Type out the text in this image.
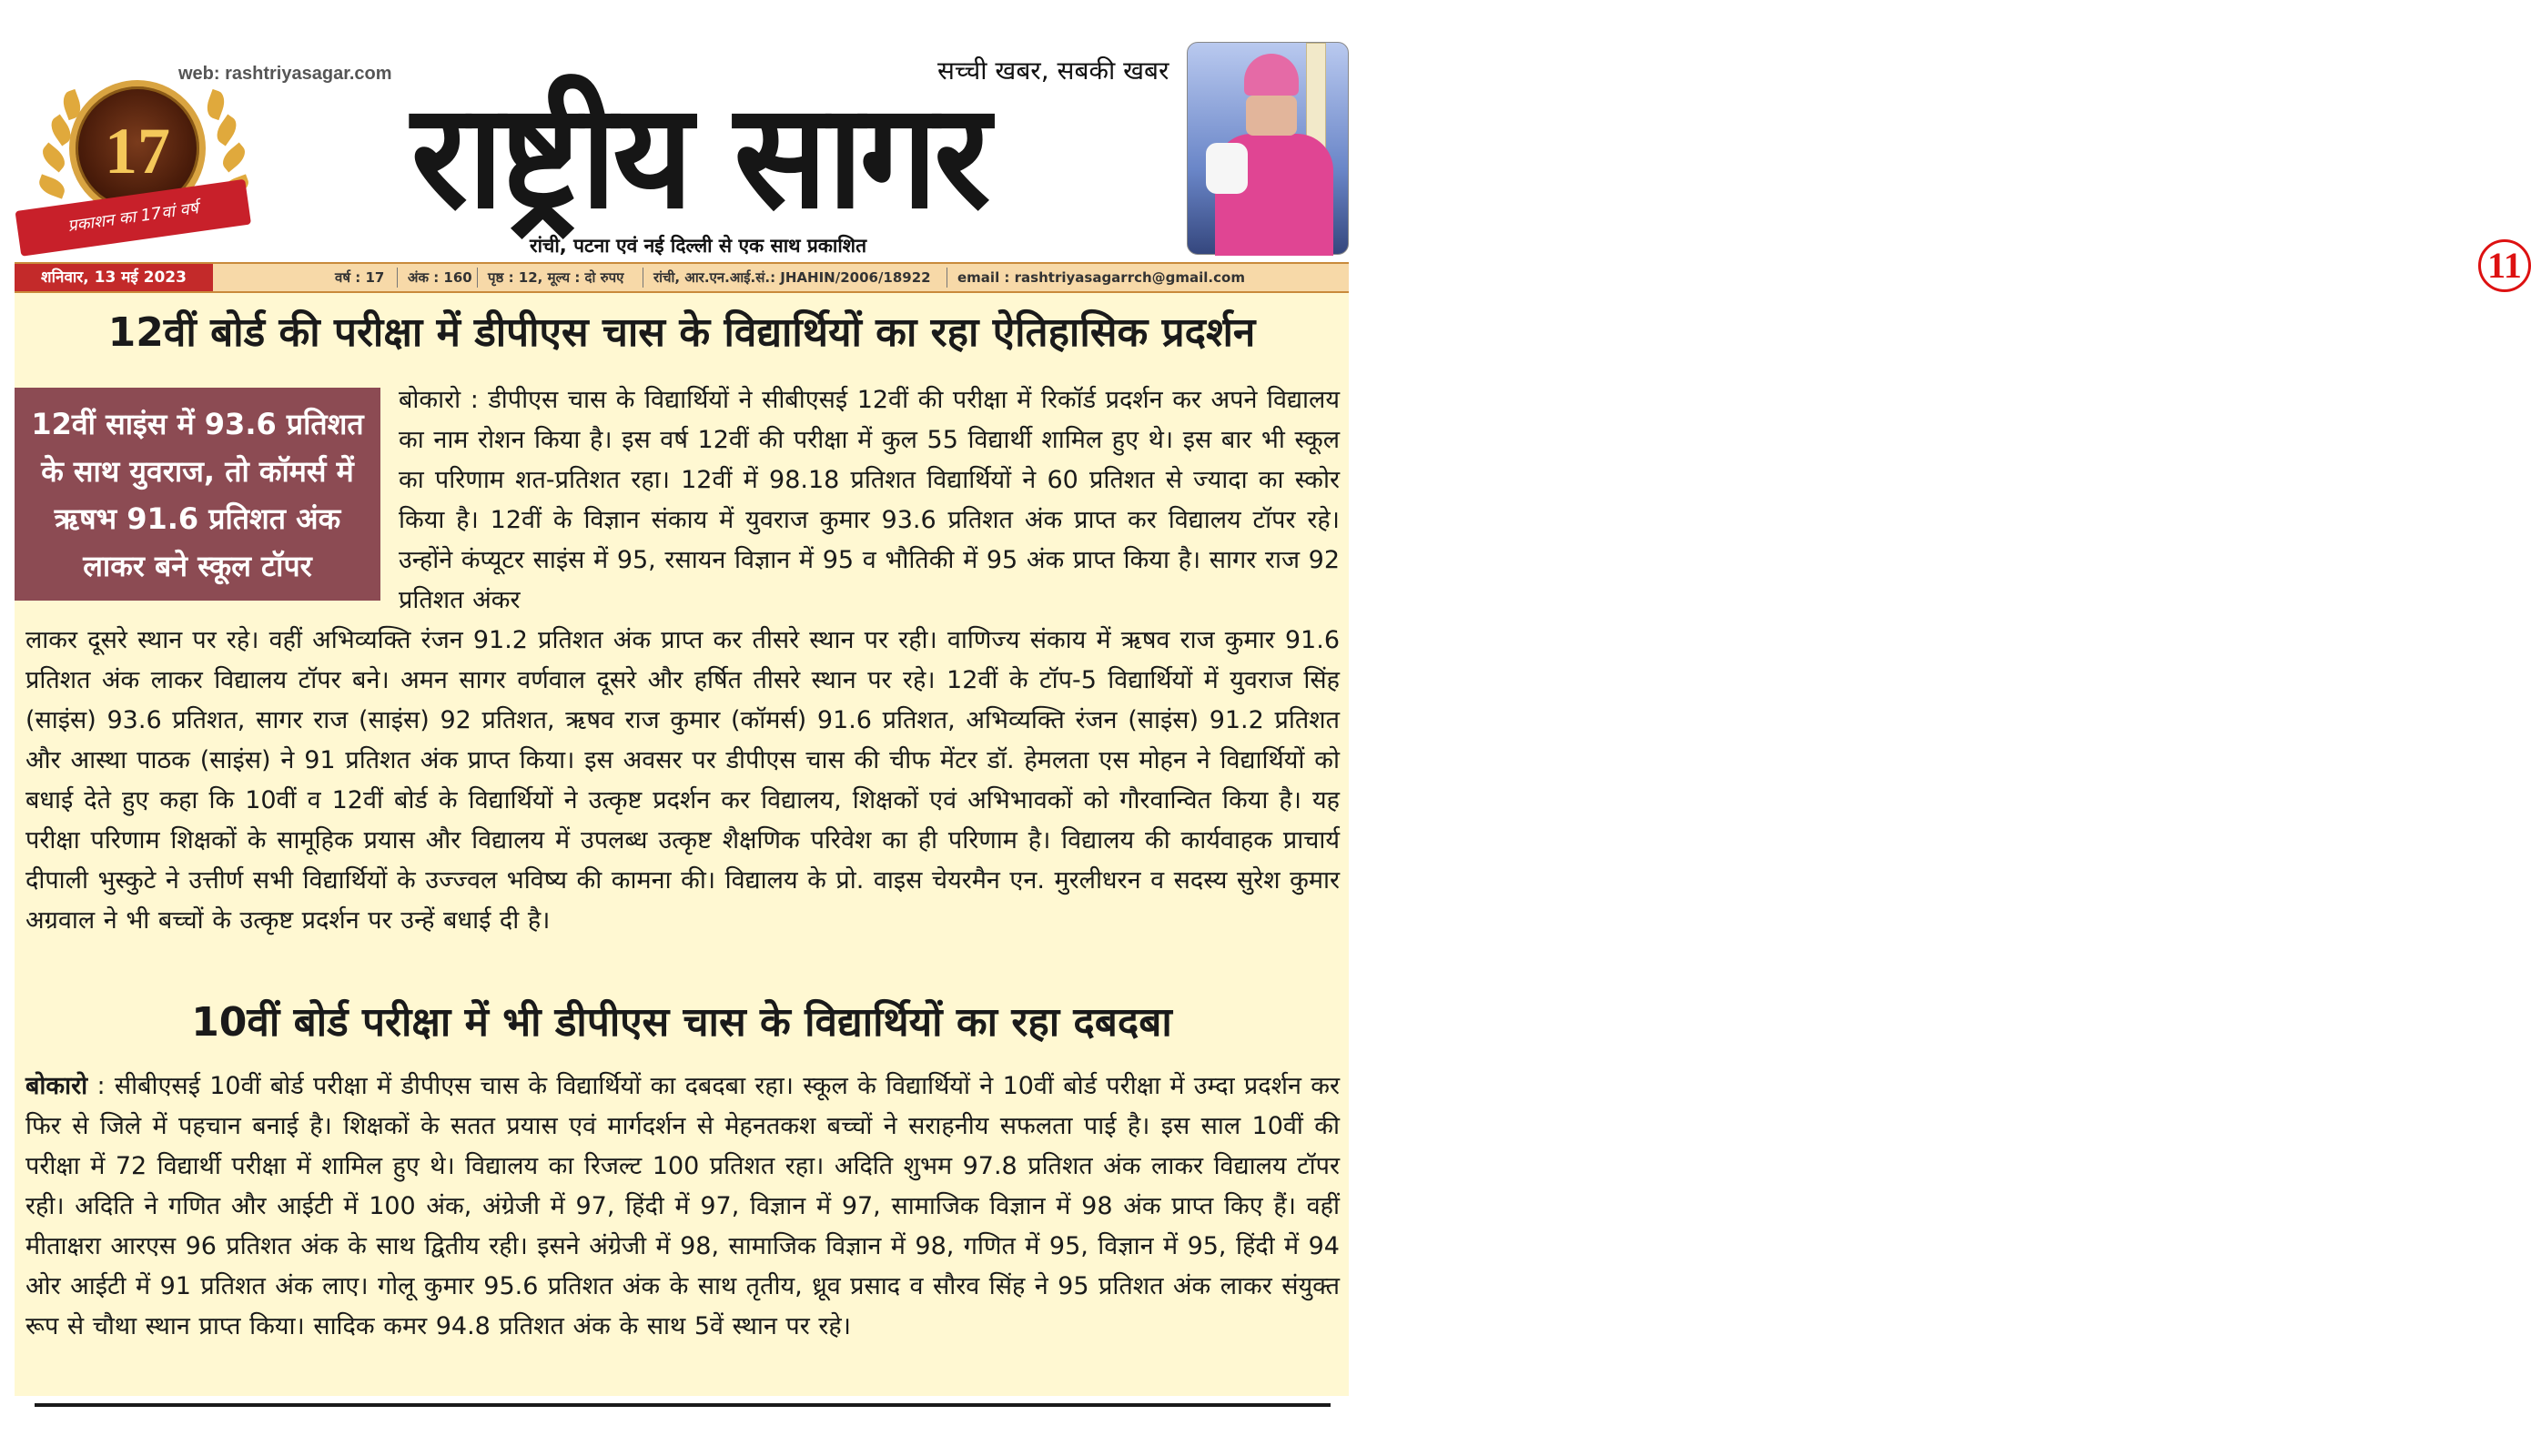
web: rashtriyasagar.com
17
प्रकाशन का 17वां वर्ष
सच्ची खबर, सबकी खबर
राष्ट्रीय सागर
रांची, पटना एवं नई दिल्ली से एक साथ प्रकाशित
पेज 11
शनिवार, 13 मई 2023	वर्ष : 17 अंक : 160 पृष्ठ : 12, मूल्य : दो रुपए रांची, आर.एन.आई.सं.: JHAHIN/2006/18922 email : rashtriyasagarrch@gmail.com
12वीं बोर्ड की परीक्षा में डीपीएस चास के विद्यार्थियों का रहा ऐतिहासिक प्रदर्शन
12वीं साइंस में 93.6 प्रतिशत के साथ युवराज, तो कॉमर्स में ऋषभ 91.6 प्रतिशत अंक लाकर बने स्कूल टॉपर

बोकारो : डीपीएस चास के विद्यार्थियों ने सीबीएसई 12वीं की परीक्षा में रिकॉर्ड प्रदर्शन कर अपने विद्यालय का नाम रोशन किया है। इस वर्ष 12वीं की परीक्षा में कुल 55 विद्यार्थी शामिल हुए थे। इस बार भी स्कूल का परिणाम शत-प्रतिशत रहा। 12वीं में 98.18 प्रतिशत विद्यार्थियों ने 60 प्रतिशत से ज्यादा का स्कोर किया है। 12वीं के विज्ञान संकाय में युवराज कुमार 93.6 प्रतिशत अंक प्राप्त कर विद्यालय टॉपर रहे। उन्होंने कंप्यूटर साइंस में 95, रसायन विज्ञान में 95 व भौतिकी में 95 अंक प्राप्त किया है। सागर राज 92 प्रतिशत अंकर

लाकर दूसरे स्थान पर रहे। वहीं अभिव्यक्ति रंजन 91.2 प्रतिशत अंक प्राप्त कर तीसरे स्थान पर रही। वाणिज्य संकाय में ऋषव राज कुमार 91.6 प्रतिशत अंक लाकर विद्यालय टॉपर बने। अमन सागर वर्णवाल दूसरे और हर्षित तीसरे स्थान पर रहे। 12वीं के टॉप-5 विद्यार्थियों में युवराज सिंह (साइंस) 93.6 प्रतिशत, सागर राज (साइंस) 92 प्रतिशत, ऋषव राज कुमार (कॉमर्स) 91.6 प्रतिशत, अभिव्यक्ति रंजन (साइंस) 91.2 प्रतिशत और आस्था पाठक (साइंस) ने 91 प्रतिशत अंक प्राप्त किया। इस अवसर पर डीपीएस चास की चीफ मेंटर डॉ. हेमलता एस मोहन ने विद्यार्थियों को बधाई देते हुए कहा कि 10वीं व 12वीं बोर्ड के विद्यार्थियों ने उत्कृष्ट प्रदर्शन कर विद्यालय, शिक्षकों एवं अभिभावकों को गौरवान्वित किया है। यह परीक्षा परिणाम शिक्षकों के सामूहिक प्रयास और विद्यालय में उपलब्ध उत्कृष्ट शैक्षणिक परिवेश का ही परिणाम है। विद्यालय की कार्यवाहक प्राचार्य दीपाली भुस्कुटे ने उत्तीर्ण सभी विद्यार्थियों के उज्ज्वल भविष्य की कामना की। विद्यालय के प्रो. वाइस चेयरमैन एन. मुरलीधरन व सदस्य सुरेश कुमार अग्रवाल ने भी बच्चों के उत्कृष्ट प्रदर्शन पर उन्हें बधाई दी है।

10वीं बोर्ड परीक्षा में भी डीपीएस चास के विद्यार्थियों का रहा दबदबा

बोकारो : सीबीएसई 10वीं बोर्ड परीक्षा में डीपीएस चास के विद्यार्थियों का दबदबा रहा। स्कूल के विद्यार्थियों ने 10वीं बोर्ड परीक्षा में उम्दा प्रदर्शन कर फिर से जिले में पहचान बनाई है। शिक्षकों के सतत प्रयास एवं मार्गदर्शन से मेहनतकश बच्चों ने सराहनीय सफलता पाई है। इस साल 10वीं की परीक्षा में 72 विद्यार्थी परीक्षा में शामिल हुए थे। विद्यालय का रिजल्ट 100 प्रतिशत रहा। अदिति शुभम 97.8 प्रतिशत अंक लाकर विद्यालय टॉपर रही। अदिति ने गणित और आईटी में 100 अंक, अंग्रेजी में 97, हिंदी में 97, विज्ञान में 97, सामाजिक विज्ञान में 98 अंक प्राप्त किए हैं। वहीं मीताक्षरा आरएस 96 प्रतिशत अंक के साथ द्वितीय रही। इसने अंग्रेजी में 98, सामाजिक विज्ञान में 98, गणित में 95, विज्ञान में 95, हिंदी में 94 ओर आईटी में 91 प्रतिशत अंक लाए। गोलू कुमार 95.6 प्रतिशत अंक के साथ तृतीय, ध्रूव प्रसाद व सौरव सिंह ने 95 प्रतिशत अंक लाकर संयुक्त रूप से चौथा स्थान प्राप्त किया। सादिक कमर 94.8 प्रतिशत अंक के साथ 5वें स्थान पर रहे।
